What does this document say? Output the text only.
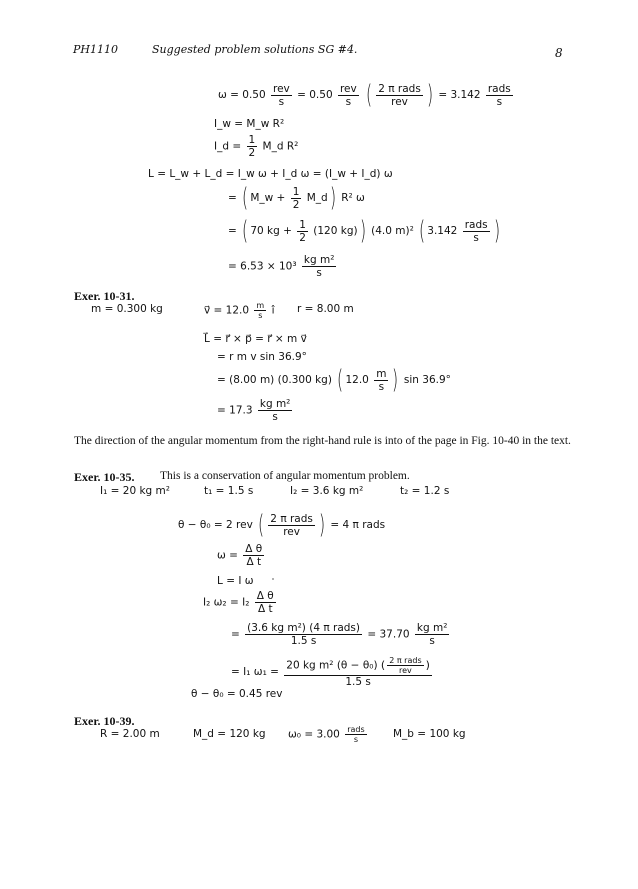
PH1110	Suggested problem solutions SG #4.	8
$\omega = 0.50 \frac{\text{rev}}{s} = 0.50 \frac{\text{rev}}{s}$ ( $\frac{\text{2 π rads}}{\text{rev}}$ ) = $3.142 \frac{\text{rads}}{s}$
I_w = M_w R²
I_d = $\frac{1}{2}$ M_d R²
L = L_w + L_d = I_w ω + I_d ω = (I_w + I_d) ω
= ( M_w + $\frac{1}{2}$ M_d) R² ω
= ( 70 kg + $\frac{1}{2} (120$ kg)) (4.0 m)² ( $3.142 \frac{\text{rads}}{s}$ )
= $6.53 \times 10^3 \frac{\text{kg m²}}{s}$
Exer. 10-31.
m = 0.300 kg	v⃗ = $12.0 \frac{m}{s}$ î r = 8.00 m
L⃗ = r⃗ × p⃗ = r⃗ × m v⃗
= r m v sin 36.9°
= (8.00 m) (0.300 kg) ( $12.0 \frac{m}{s}$ ) sin 36.9°
= $17.3 \frac{\text{kg m²}}{s}$
The direction of the angular momentum from the right-hand rule is into of the page in Fig. 10-40 in the text.
Exer. 10-35. This is a conservation of angular momentum problem.
I₁ = 20 kg m²	t₁ = 1.5 s	I₂ = 3.6 kg m²	t₂ = 1.2 s
θ − θ₀ = 2 rev ( $\frac{\text{2 π rads}}{\text{rev}}$ ) = 4 π rads
$\omega = \frac{\text{Δ θ}}{\text{Δ t}}$
L = I ω
I₂ $\omega_2 = I_2 \frac{\text{Δ θ}}{\text{Δ t}}$
= $\frac{\text{(3.6 kg m²) (4 π rads)}}{1.5 s} = 37.70 \frac{\text{kg m²}}{s}$
= I₁ $\omega_1 = \frac{20 kg m^2 (\theta - \theta_0) ( \frac{\text{2 π rads}}{\text{rev}} )}{1.5 s}$
θ − θ₀ = 0.45 rev
Exer. 10-39.
R = 2.00 m	M_d = 120 kg $\omega_0 = 3.00 \frac{\text{rads}}{s}$	M_b = 100 kg
